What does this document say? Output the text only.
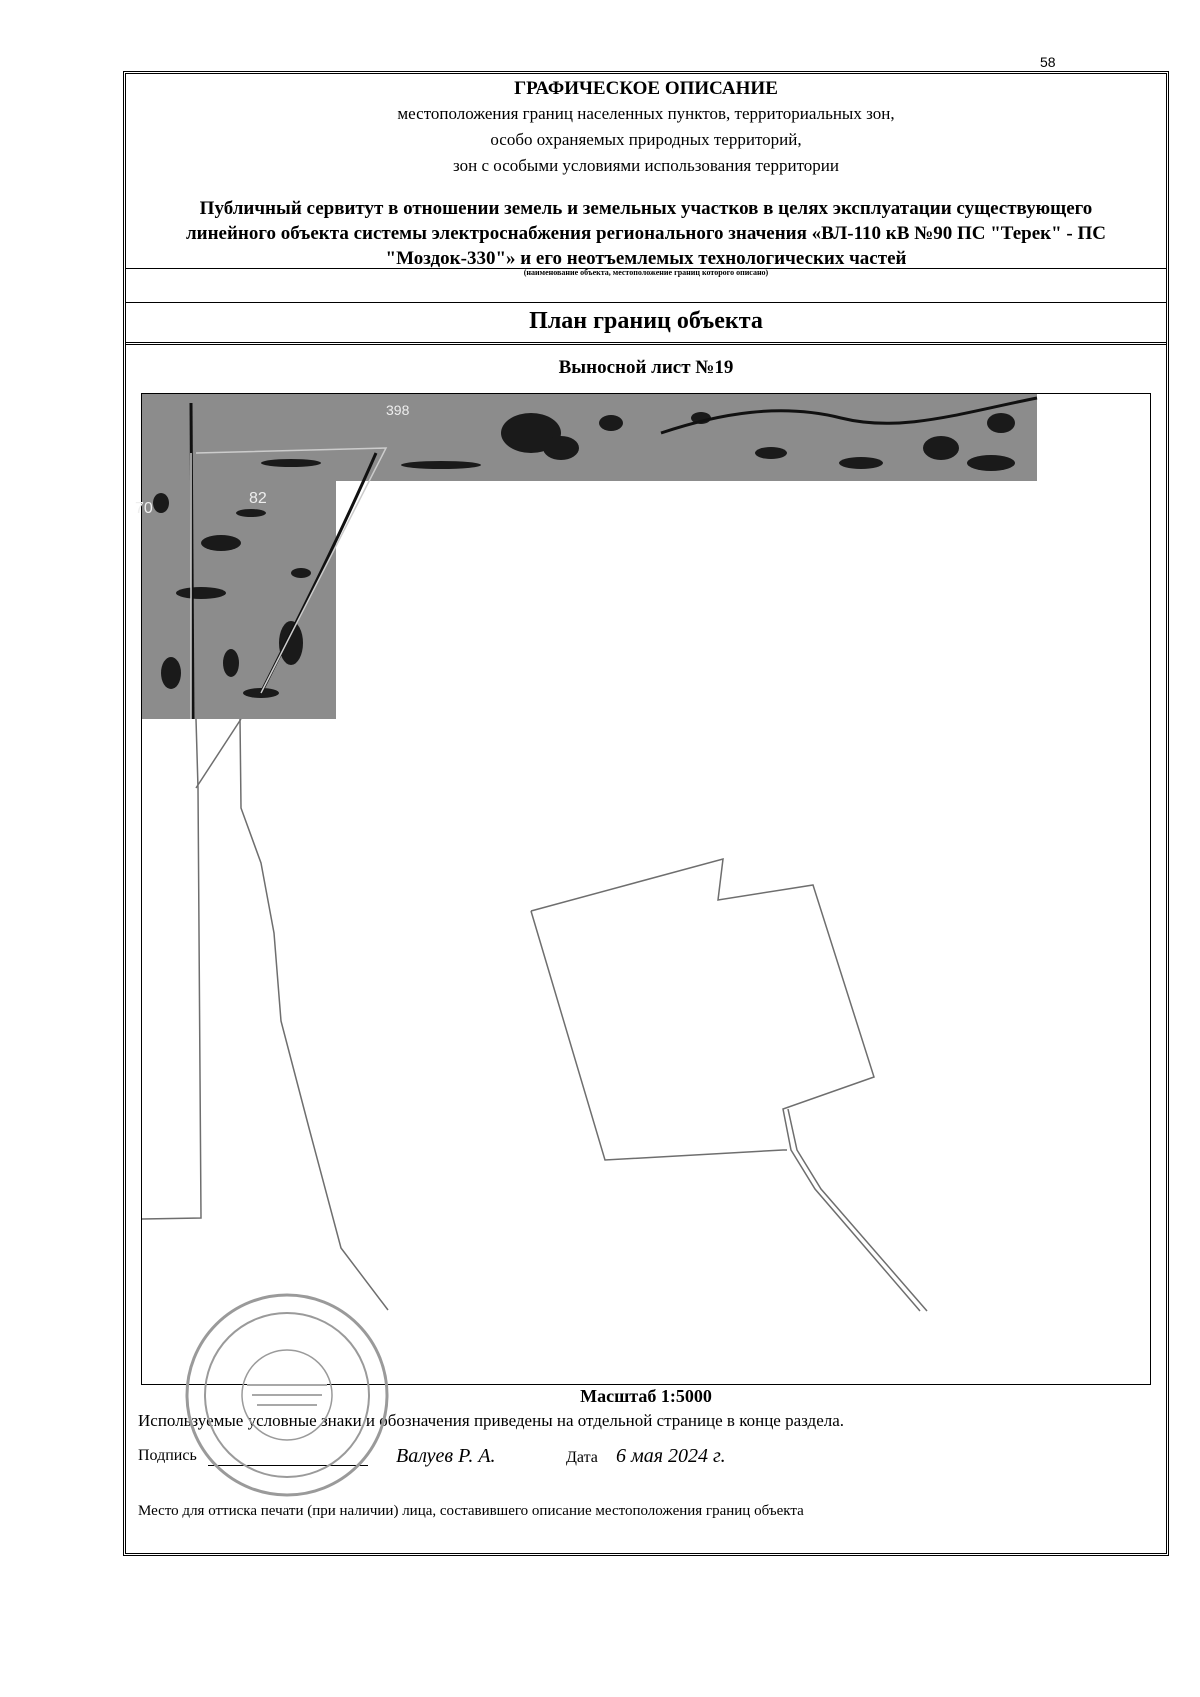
58
ГРАФИЧЕСКОЕ ОПИСАНИЕ
местоположения границ населенных пунктов, территориальных зон,
особо охраняемых природных территорий,
зон с особыми условиями использования территории
Публичный сервитут в отношении земель и земельных участков в целях эксплуатации существующего линейного объекта системы электроснабжения регионального значения «ВЛ-110 кВ №90 ПС "Терек" - ПС "Моздок-330"» и его неотъемлемых технологических частей
(наименование объекта, местоположение границ которого описано)
План границ объекта
Выносной лист №19
398
82
70
Масштаб 1:5000
Используемые условные знаки и обозначения приведены на отдельной странице в конце раздела.
Подпись	Валуев Р. А.	Дата 6 мая 2024 г.
Место для оттиска печати (при наличии) лица, составившего описание местоположения границ объекта
